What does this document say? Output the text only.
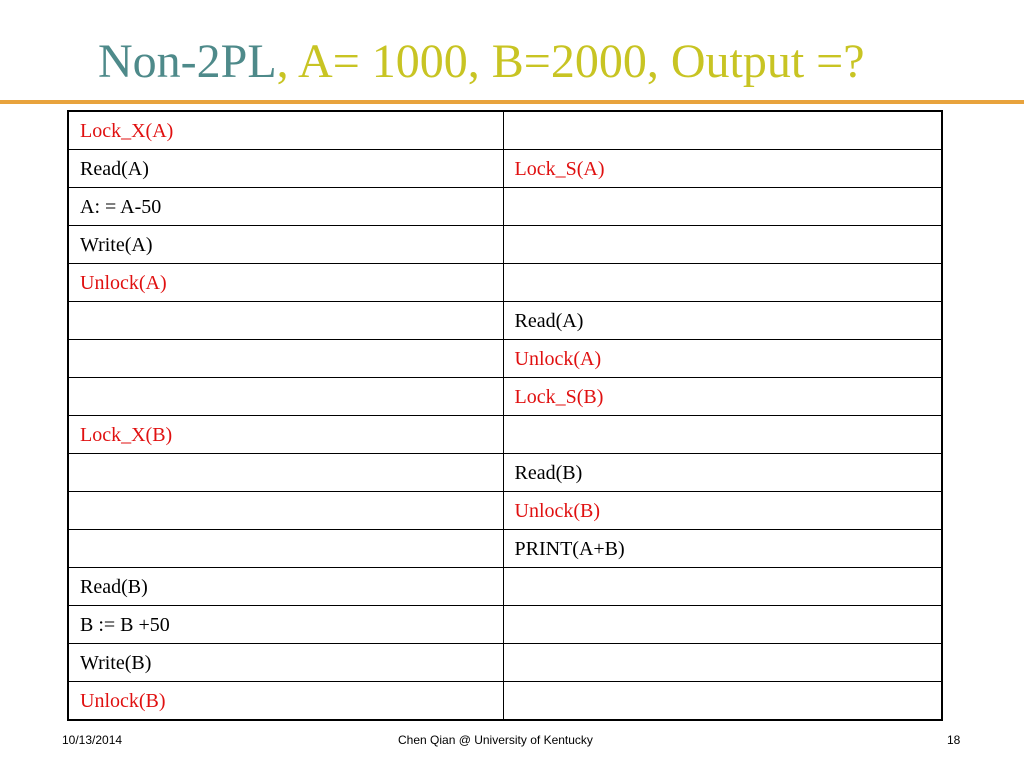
Non-2PL, A= 1000, B=2000, Output =?
Lock_X(A)	
Read(A)	Lock_S(A)
A: = A-50	
Write(A)	
Unlock(A)	
	Read(A)
	Unlock(A)
	Lock_S(B)
Lock_X(B)	
	Read(B)
	Unlock(B)
	PRINT(A+B)
Read(B)	
B := B +50	
Write(B)	
Unlock(B)	
10/13/2014	Chen Qian @ University of Kentucky	18
